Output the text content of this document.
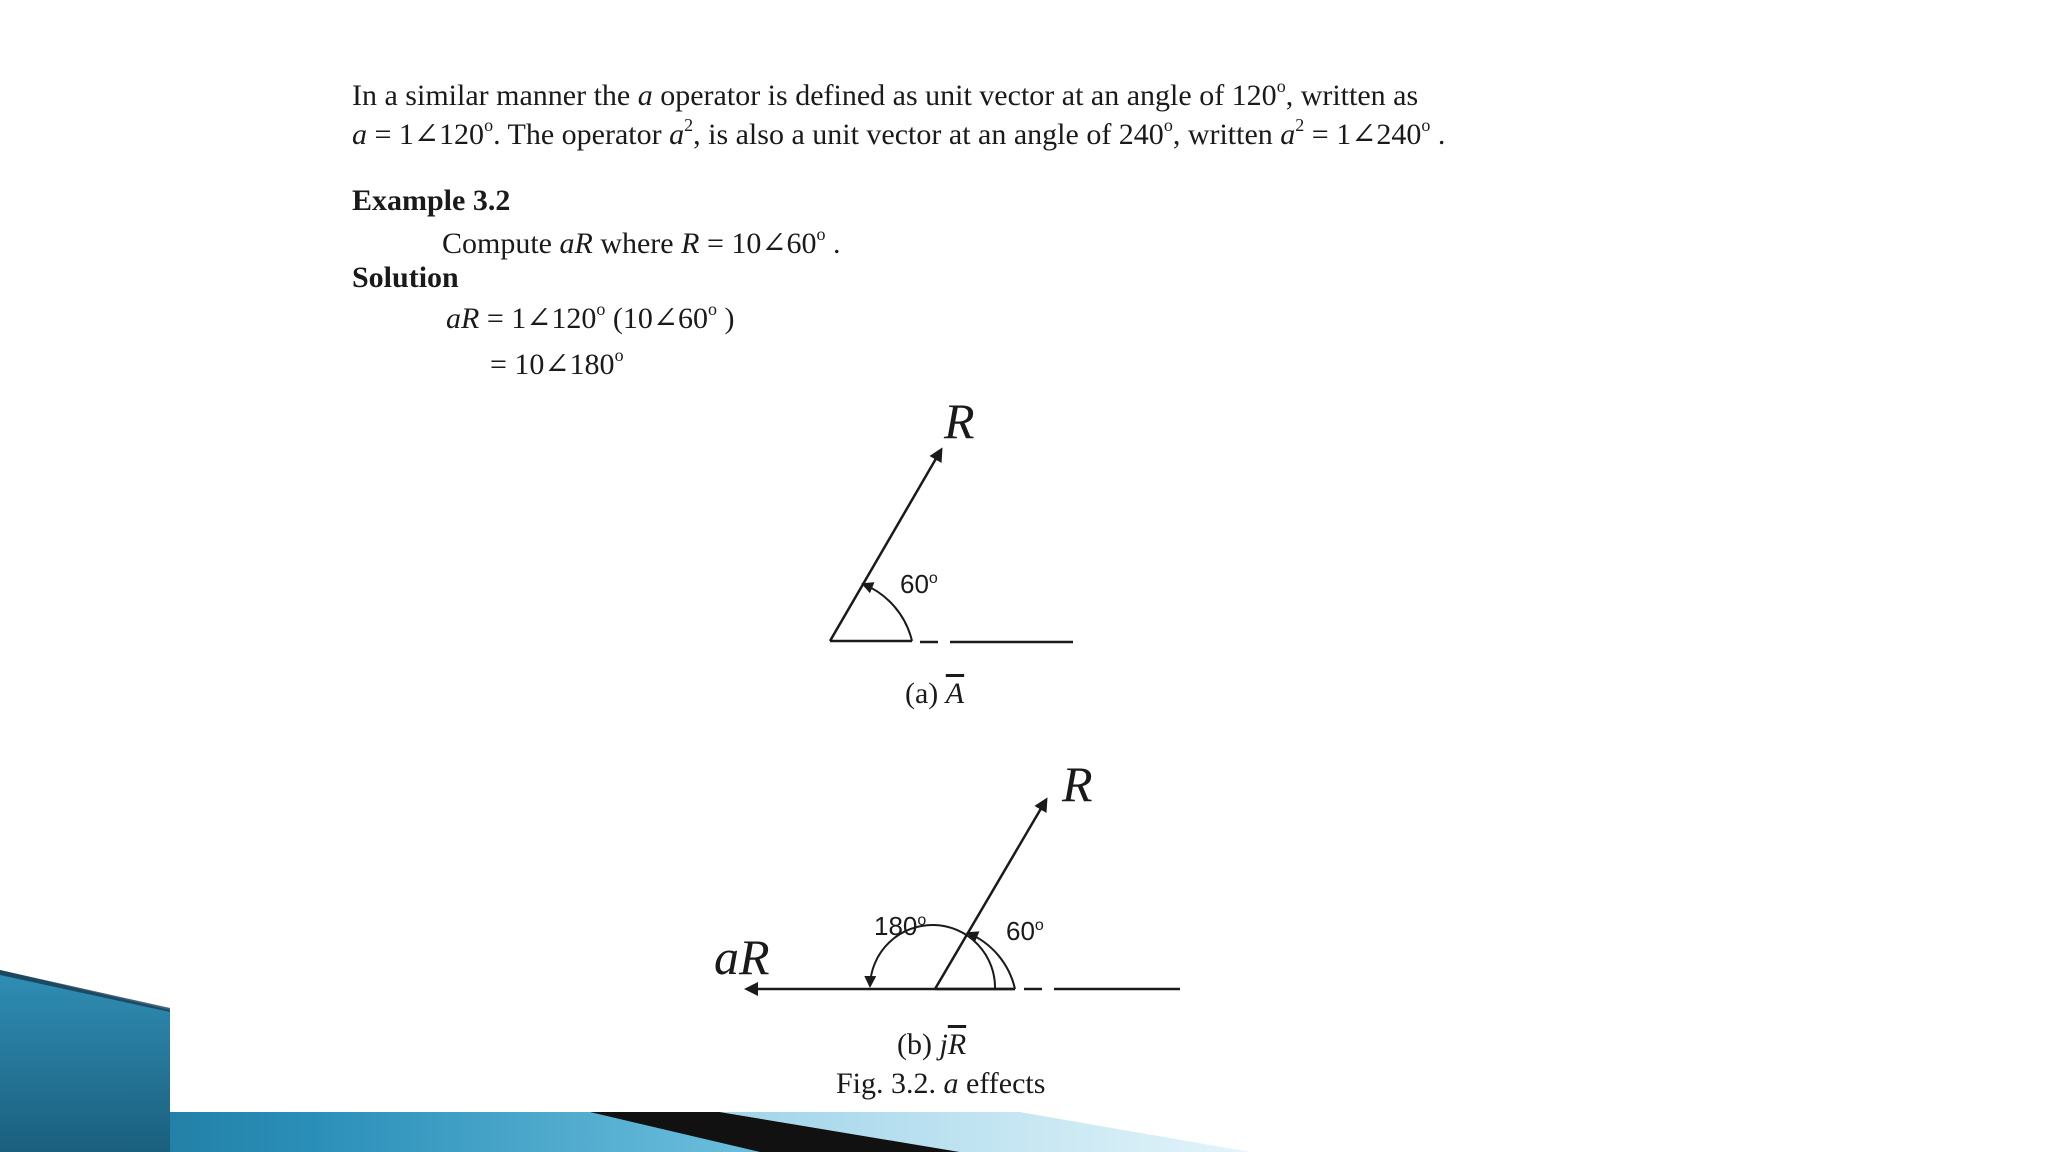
In a similar manner the a operator is defined as unit vector at an angle of 120$^o$, written as
$a = 1\angle 120^o$. The operator $a^2$, is also a unit vector at an angle of 240$^o$, written $a^2$ = $1\angle 240^o$ .
Example 3.2
Compute aR where $R = 10\angle 60^o$ .
Solution
aR = $1\angle 120^o$ (10∠60$^o$ )
= $10\angle 180^o$
R
60$^o$
R
aR
180$^o$	60$^o$
(a) $\overline{A}$
(b) $j\overline{R}$
Fig. 3.2. a effects
